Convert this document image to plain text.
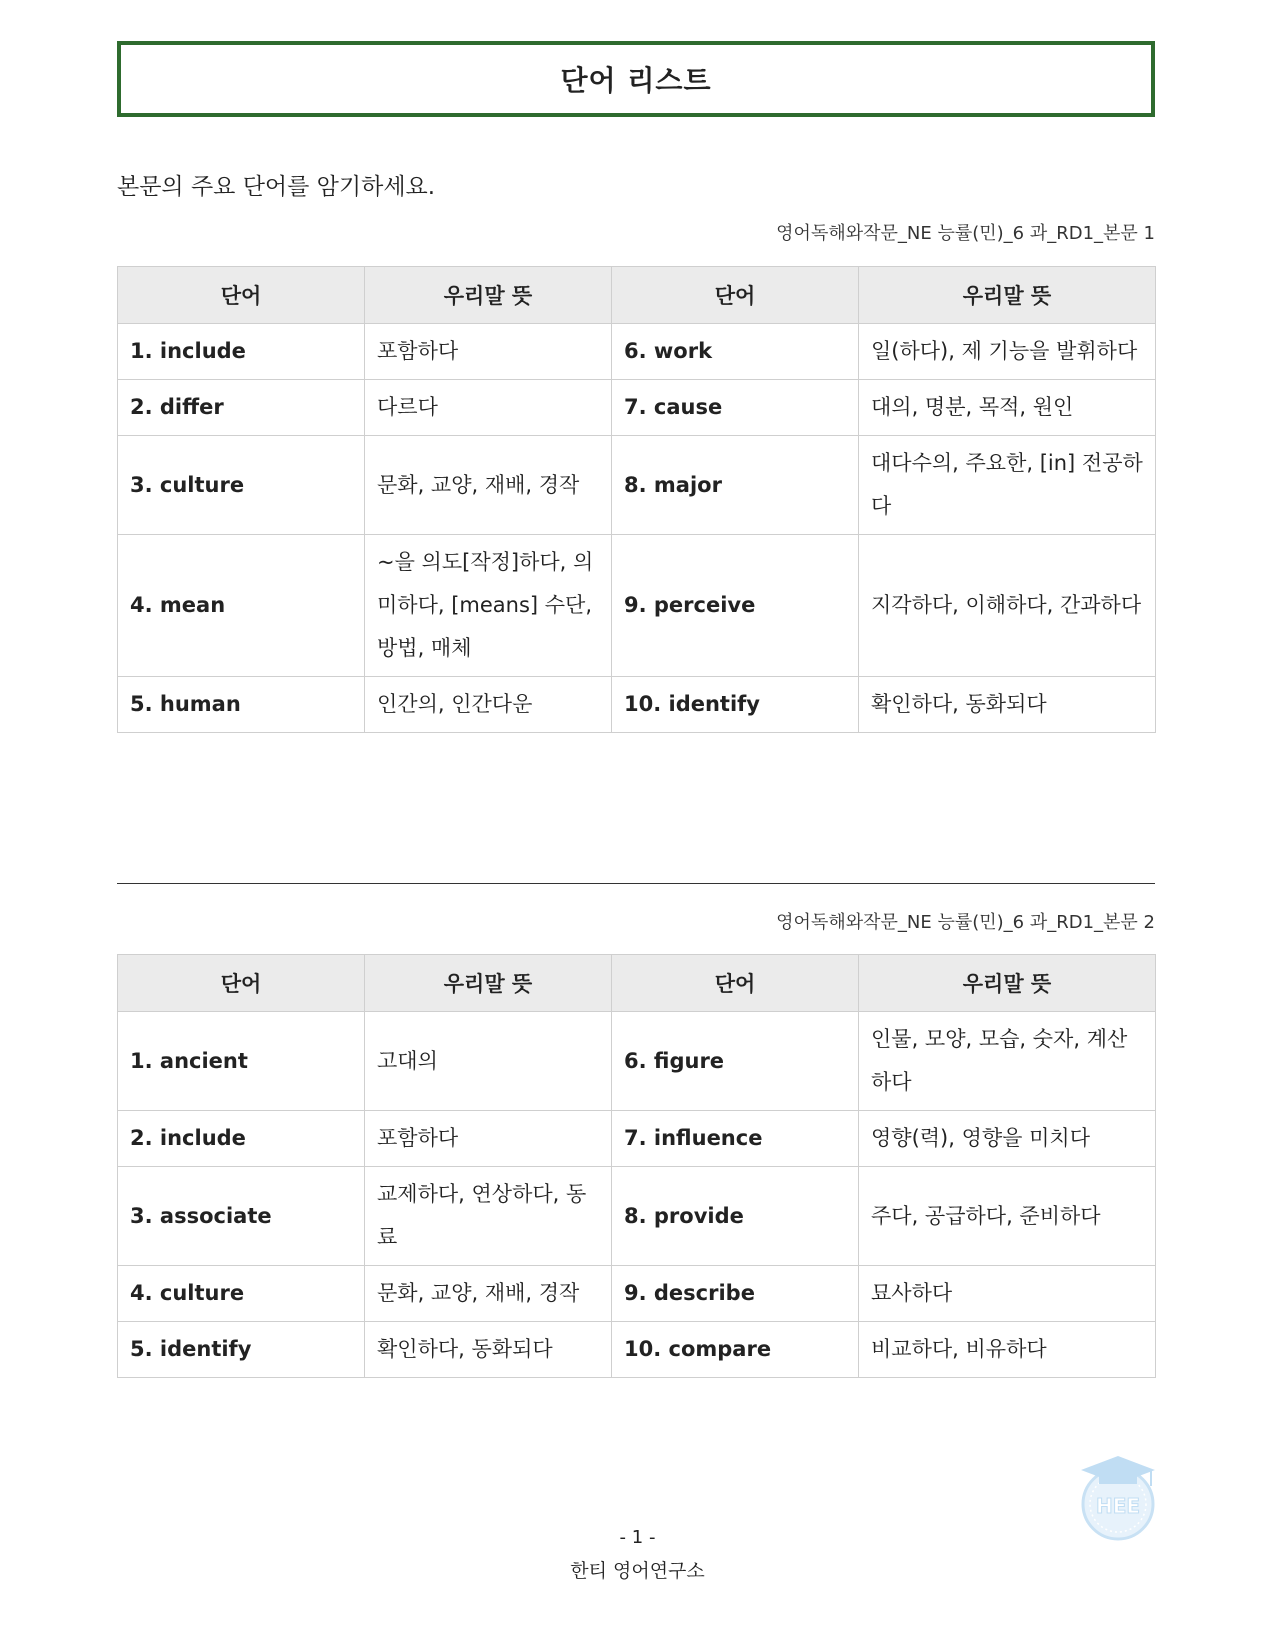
단어 리스트
본문의 주요 단어를 암기하세요.
영어독해와작문_NE 능률(민)_6 과_RD1_본문 1
단어	우리말 뜻	단어	우리말 뜻
1. include	포함하다	6. work	일(하다), 제 기능을 발휘하다
2. differ	다르다	7. cause	대의, 명분, 목적, 원인
3. culture	문화, 교양, 재배, 경작	8. major	대다수의, 주요한, [in] 전공하다
4. mean	~을 의도[작정]하다, 의미하다, [means] 수단, 방법, 매체	9. perceive	지각하다, 이해하다, 간과하다
5. human	인간의, 인간다운	10. identify	확인하다, 동화되다
영어독해와작문_NE 능률(민)_6 과_RD1_본문 2
단어	우리말 뜻	단어	우리말 뜻
1. ancient	고대의	6. figure	인물, 모양, 모습, 숫자, 계산하다
2. include	포함하다	7. influence	영향(력), 영향을 미치다
3. associate	교제하다, 연상하다, 동료	8. provide	주다, 공급하다, 준비하다
4. culture	문화, 교양, 재배, 경작	9. describe	묘사하다
5. identify	확인하다, 동화되다	10. compare	비교하다, 비유하다
HEE
- 1 -
한티 영어연구소
